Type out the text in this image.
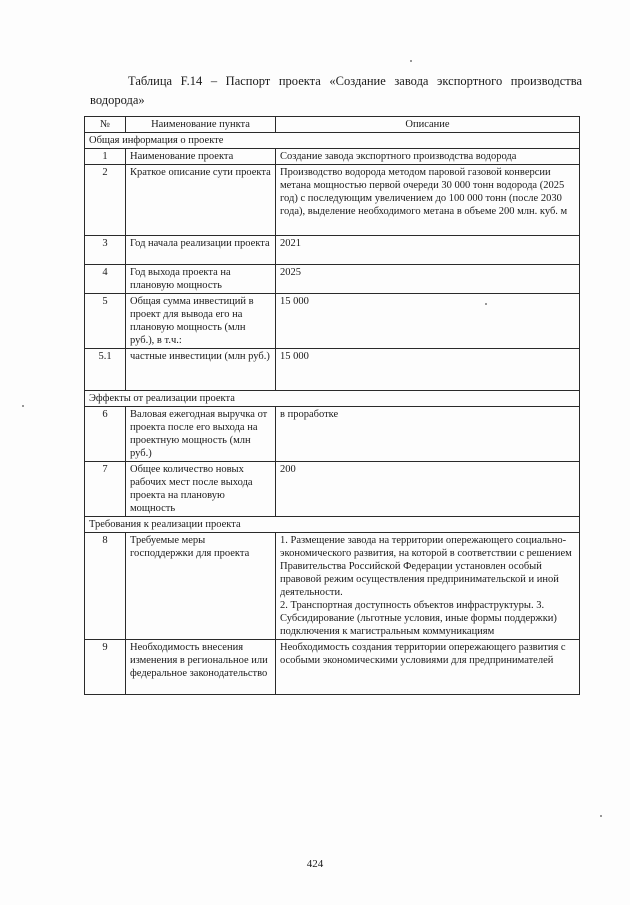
Таблица F.14 – Паспорт проекта «Создание завода экспортного производства
водорода»
№	Наименование пункта	Описание
Общая информация о проекте		
1	Наименование проекта	Создание завода экспортного производства водорода
2	Краткое описание сути проекта	Производство водорода методом паровой газовой конверсии метана мощностью первой очереди 30 000 тонн водорода (2025 год) с последующим увеличением до 100 000 тонн (после 2030 года), выделение необходимого метана в объеме 200 млн. куб. м
3	Год начала реализации проекта	2021
4	Год выхода проекта на плановую мощность	2025
5	Общая сумма инвестиций в проект для вывода его на плановую мощность (млн руб.), в т.ч.:	15 000
5.1	частные инвестиции (млн руб.)	15 000
Эффекты от реализации проекта		
6	Валовая ежегодная выручка от проекта после его выхода на проектную мощность (млн руб.)	в проработке
7	Общее количество новых рабочих мест после выхода проекта на плановую мощность	200
Требования к реализации проекта		
8	Требуемые меры господдержки для проекта	1. Размещение завода на территории опережающего социально-экономического развития, на которой в соответствии с решением Правительства Российской Федерации установлен особый правовой режим осуществления предпринимательской и иной деятельности.
2. Транспортная доступность объектов инфраструктуры. 3. Субсидирование (льготные условия, иные формы поддержки) подключения к магистральным коммуникациям
9	Необходимость внесения изменения в региональное или федеральное законодательство	Необходимость создания территории опережающего развития с особыми экономическими условиями для предпринимателей
424
